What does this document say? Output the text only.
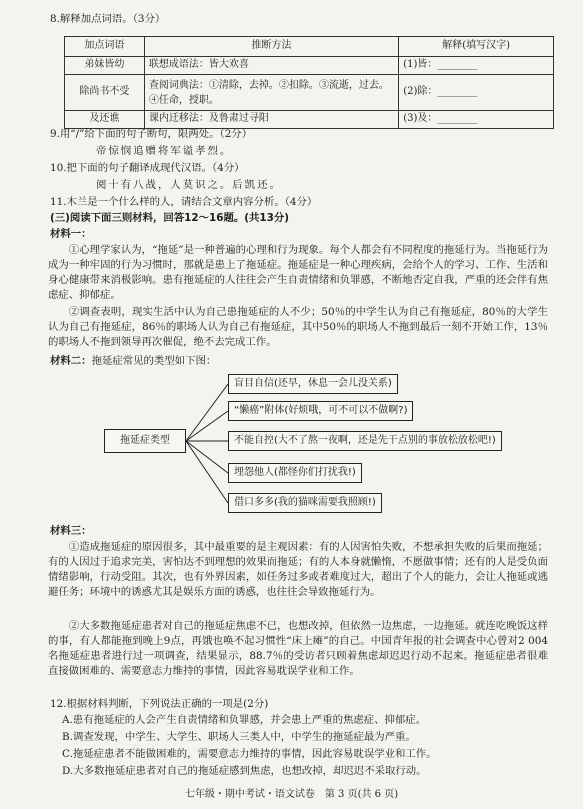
8.解释加点词语。（3分）
加点词语	推断方法	解释(填写汉字)
弟妹皆幼	联想成语法：皆大欢喜	(1)皆：________
除尚书不受	查阅词典法：①清除，去掉。②扣除。③流逝，过去。④任命，授职。	(2)除：________
及还谯	课内迁移法：及鲁肃过寻阳	(3)及：________
9.用“/”给下面的句子断句，限两处。（2分）
帝惊悯追赠将军谥孝烈。
10.把下面的句子翻译成现代汉语。（4分）
阅十有八战，人莫识之。后凯还。
11.木兰是一个什么样的人，请结合文章内容分析。（4分）
(三)阅读下面三则材料，回答12～16题。(共13分)
材料一：
①心理学家认为，“拖延”是一种普遍的心理和行为现象。每个人都会有不同程度的拖延行为。当拖延行为成为一种牢固的行为习惯时，那就是患上了拖延症。拖延症是一种心理疾病，会给个人的学习、工作、生活和身心健康带来消极影响。患有拖延症的人往往会产生自责情绪和负罪感，不断地否定自我，严重的还会伴有焦虑症、抑郁症。
②调查表明，现实生活中认为自己患拖延症的人不少；50％的中学生认为自己有拖延症，80％的大学生认为自己有拖延症，86％的职场人认为自己有拖延症，其中50％的职场人不拖到最后一刻不开始工作，13％的职场人不拖到领导再次催促，绝不去完成工作。
材料二：拖延症常见的类型如下图：
拖延症类型
盲目自信(还早，休息一会儿没关系)
“懒癌”附体(好烦哦，可不可以不做啊?)
不能自控(大不了熬一夜啊，还是先干点别的事放松放松吧!)
埋怨他人(都怪你们打扰我!)
借口多多(我的猫咪需要我照顾!)
材料三：
①造成拖延症的原因很多，其中最重要的是主观因素：有的人因害怕失败，不想承担失败的后果而拖延；有的人因过于追求完美，害怕达不到理想的效果而拖延；有的人本身就懒惰，不愿做事情；还有的人是受负面情绪影响，行动受阻。其次，也有外界因素，如任务过多或者难度过大，超出了个人的能力，会让人拖延或逃避任务；环境中的诱惑尤其是娱乐方面的诱惑，也往往会导致拖延行为。
②大多数拖延症患者对自己的拖延症焦虑不已，也想改掉，但依然一边焦虑，一边拖延。就连吃晚饭这样的事，有人都能拖到晚上9点，再饿也唤不起习惯性“床上瘫”的自己。中国青年报的社会调查中心曾对2 004名拖延症患者进行过一项调查，结果显示，88.7％的受访者只顾着焦虑却迟迟行动不起来。拖延症患者很难直接做困难的、需要意志力维持的事情，因此容易耽误学业和工作。
12.根据材料判断，下列说法正确的一项是(2分)
A.患有拖延症的人会产生自责情绪和负罪感，并会患上严重的焦虑症、抑郁症。
B.调查发现，中学生、大学生、职场人三类人中，中学生的拖延症最为严重。
C.拖延症患者不能做困难的，需要意志力维持的事情，因此容易耽误学业和工作。
D.大多数拖延症患者对自己的拖延症感到焦虑，也想改掉，却迟迟不采取行动。
七年级・期中考试・语文试卷　第 3 页(共 6 页)
